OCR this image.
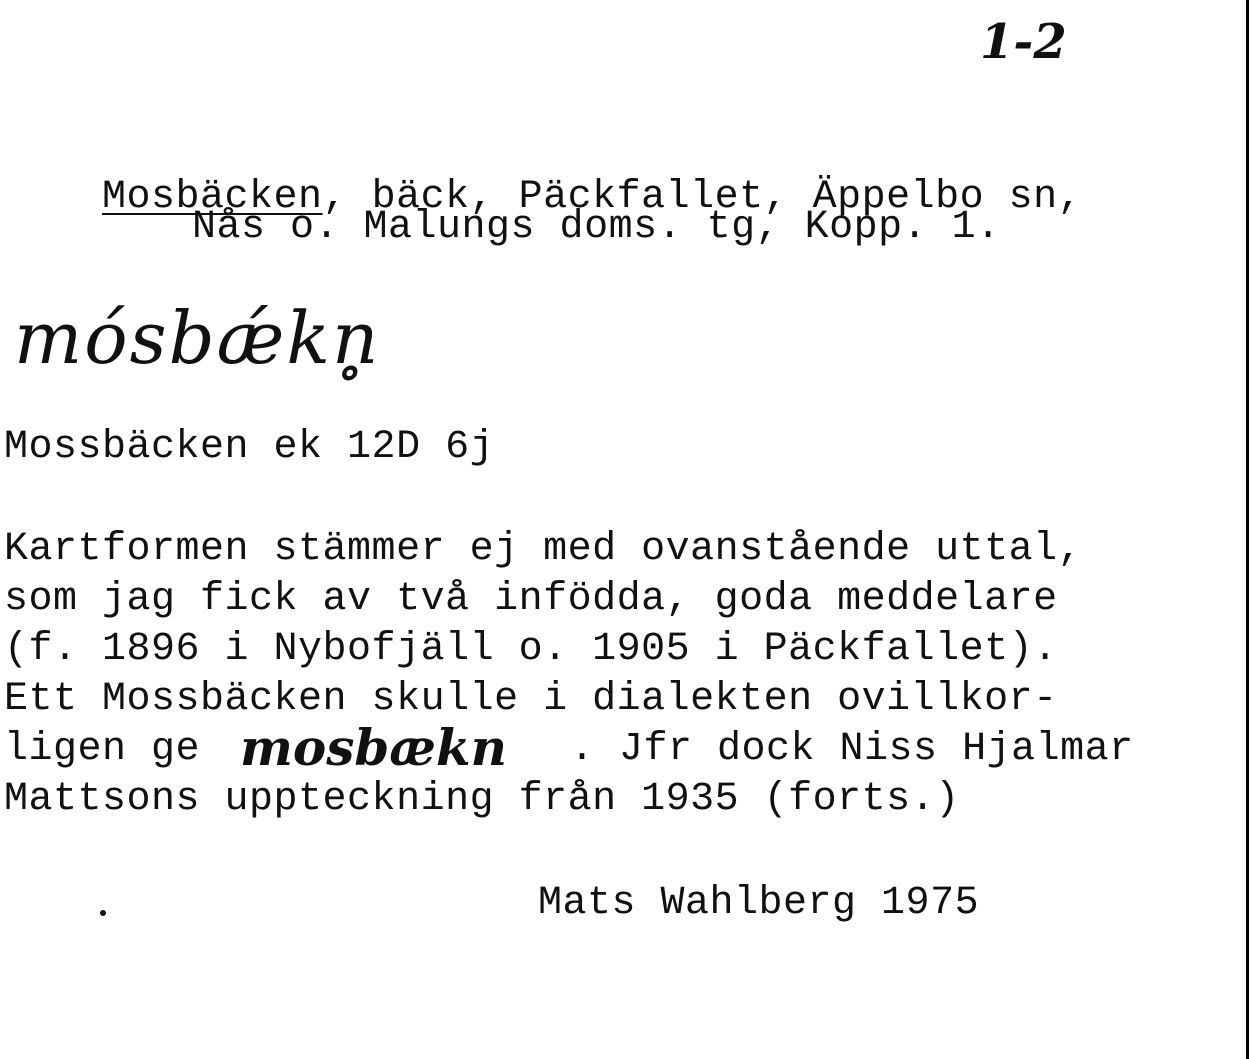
1-2

Mosbäcken, bäck, Päckfallet, Äppelbo sn,

Nås o. Malungs doms. tg, Kopp. 1.
mósbǽkn̥
Mossbäcken ek 12D 6j
Kartformen stämmer ej med ovanstående uttal,
som jag fick av två infödda, goda meddelare
(f. 1896 i Nybofjäll o. 1905 i Päckfallet).
Ett Mossbäcken skulle i dialekten ovillkor-
ligen ge mosbækn . Jfr dock Niss Hjalmar
Mattsons uppteckning från 1935 (forts.)
Mats Wahlberg 1975
